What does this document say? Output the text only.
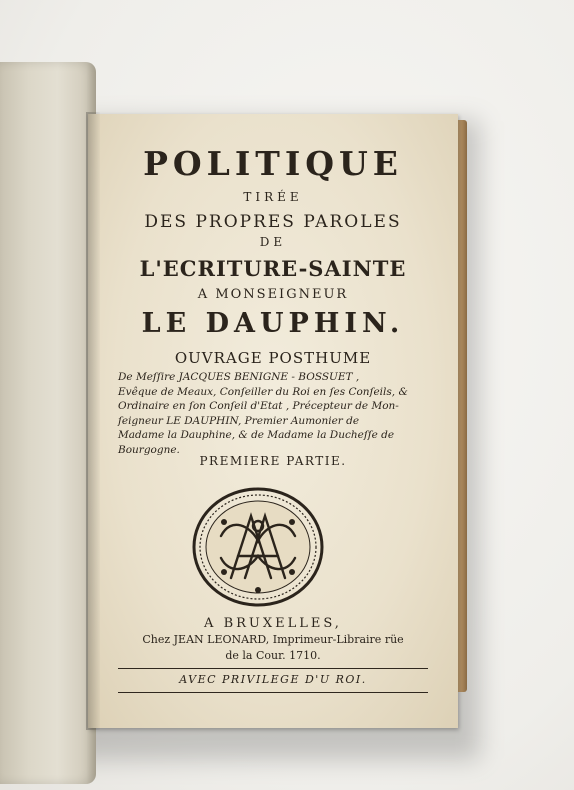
POLITIQUE
TIRÉE
DES PROPRES PAROLES
DE
L'ECRITURE-SAINTE
A MONSEIGNEUR
LE DAUPHIN.
OUVRAGE POSTHUME
De Meſſire JACQUES BENIGNE - BOSSUET ,
Evêque de Meaux, Conſeiller du Roi en ſes Conſeils, &
Ordinaire en ſon Conſeil d'Etat , Précepteur de Mon-
ſeigneur LE DAUPHIN, Premier Aumonier de
Madame la Dauphine, & de Madame la Ducheſſe de
Bourgogne.
PREMIERE PARTIE.
A BRUXELLES,
Chez JEAN LEONARD, Imprimeur-Libraire rüe
de la Cour. 1710.
AVEC PRIVILEGE D'U ROI.
